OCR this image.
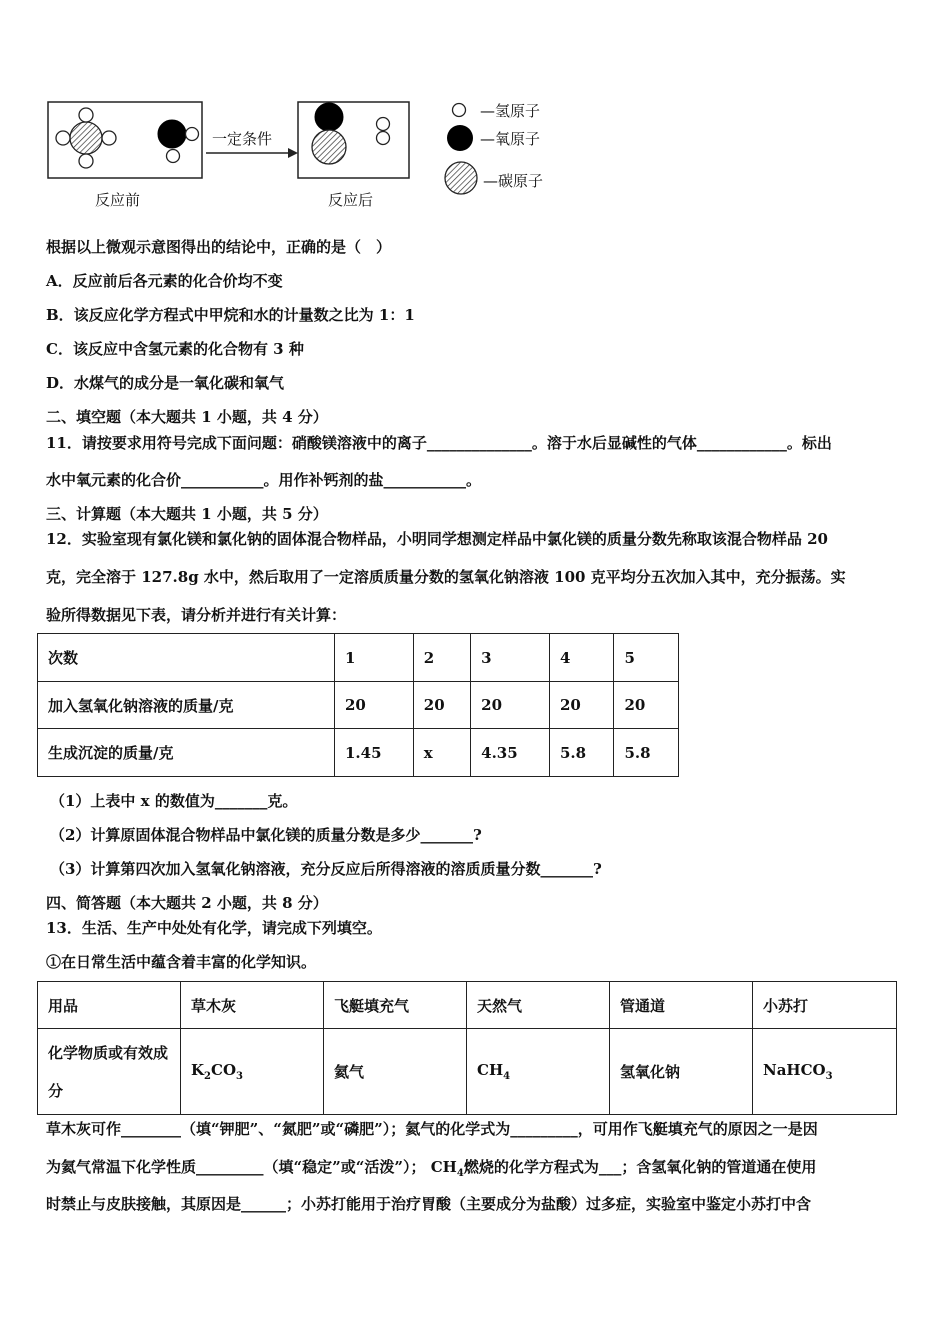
一定条件
反应前	反应后
—氢原子
—氧原子
—碳原子
根据以上微观示意图得出的结论中，正确的是（　）
A．反应前后各元素的化合价均不变
B．该反应化学方程式中甲烷和水的计量数之比为 1：1
C．该反应中含氢元素的化合物有 3 种
D．水煤气的成分是一氧化碳和氧气
二、填空题（本大题共 1 小题，共 4 分）
11．请按要求用符号完成下面问题：硝酸镁溶液中的离子______________。溶于水后显碱性的气体____________。标出
水中氧元素的化合价___________。用作补钙剂的盐___________。
三、计算题（本大题共 1 小题，共 5 分）
12．实验室现有氯化镁和氯化钠的固体混合物样品，小明同学想测定样品中氯化镁的质量分数先称取该混合物样品 20
克，完全溶于 127.8g 水中，然后取用了一定溶质质量分数的氢氧化钠溶液 100 克平均分五次加入其中，充分振荡。实
验所得数据见下表，请分析并进行有关计算：
次数	1	2	3	4	5
加入氢氧化钠溶液的质量/克	20	20	20	20	20
生成沉淀的质量/克	1.45	x	4.35	5.8	5.8
（1）上表中 x 的数值为_______克。
（2）计算原固体混合物样品中氯化镁的质量分数是多少_______?
（3）计算第四次加入氢氧化钠溶液，充分反应后所得溶液的溶质质量分数_______?
四、简答题（本大题共 2 小题，共 8 分）
13．生活、生产中处处有化学，请完成下列填空。
①在日常生活中蕴含着丰富的化学知识。
用品	草木灰	飞艇填充气	天然气	管通道	小苏打
化学物质或有效成分	$K_2CO_3$	氦气	$CH_4$	氢氧化钠	NaHCO$_3$
草木灰可作________（填“钾肥”、“氮肥”或“磷肥”）；氦气的化学式为_________，可用作飞艇填充气的原因之一是因
为氦气常温下化学性质_________（填“稳定”或“活泼”）； $CH_4$燃烧的化学方程式为___；含氢氧化钠的管道通在使用
时禁止与皮肤接触，其原因是______；小苏打能用于治疗胃酸（主要成分为盐酸）过多症，实验室中鉴定小苏打中含
